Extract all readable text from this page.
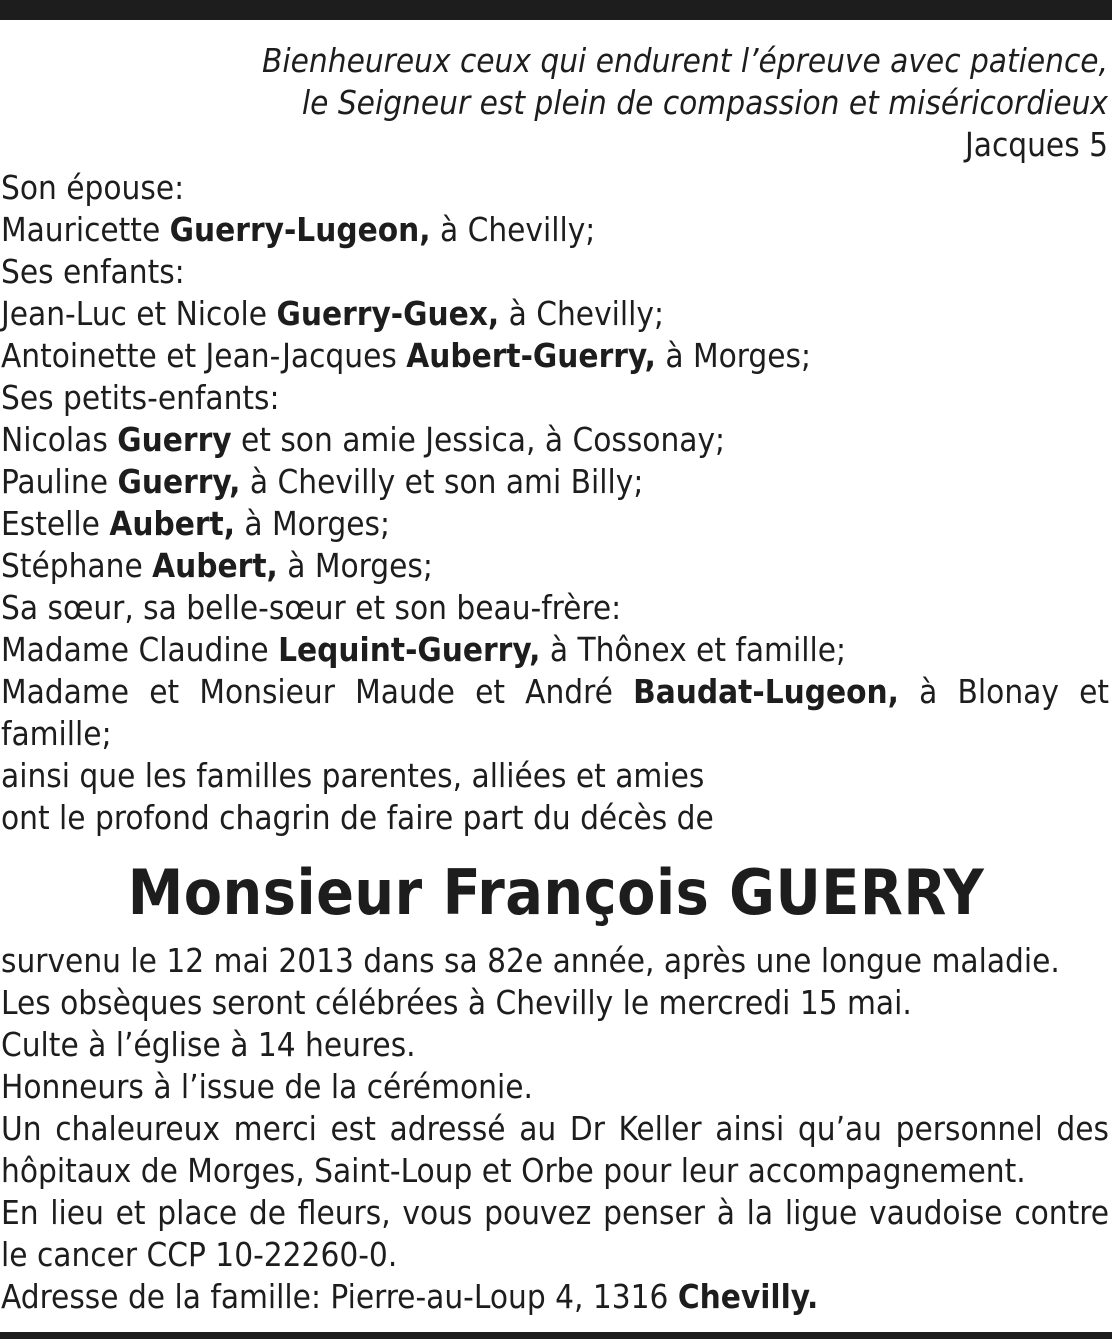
Bienheureux ceux qui endurent l’épreuve avec patience,
le Seigneur est plein de compassion et miséricordieux
Jacques 5
Son épouse:
Mauricette Guerry-Lugeon, à Chevilly;
Ses enfants:
Jean-Luc et Nicole Guerry-Guex, à Chevilly;
Antoinette et Jean-Jacques Aubert-Guerry, à Morges;
Ses petits-enfants:
Nicolas Guerry et son amie Jessica, à Cossonay;
Pauline Guerry, à Chevilly et son ami Billy;
Estelle Aubert, à Morges;
Stéphane Aubert, à Morges;
Sa sœur, sa belle-sœur et son beau-frère:
Madame Claudine Lequint-Guerry, à Thônex et famille;
Madame et Monsieur Maude et André Baudat-Lugeon, à Blonay et famille;
ainsi que les familles parentes, alliées et amies
ont le profond chagrin de faire part du décès de
Monsieur François GUERRY
survenu le 12 mai 2013 dans sa 82e année, après une longue maladie.
Les obsèques seront célébrées à Chevilly le mercredi 15 mai.
Culte à l’église à 14 heures.
Honneurs à l’issue de la cérémonie.
Un chaleureux merci est adressé au Dr Keller ainsi qu’au personnel des hôpitaux de Morges, Saint-Loup et Orbe pour leur accompagnement.
En lieu et place de fleurs, vous pouvez penser à la ligue vaudoise contre le cancer CCP 10-22260-0.
Adresse de la famille: Pierre-au-Loup 4, 1316 Chevilly.
